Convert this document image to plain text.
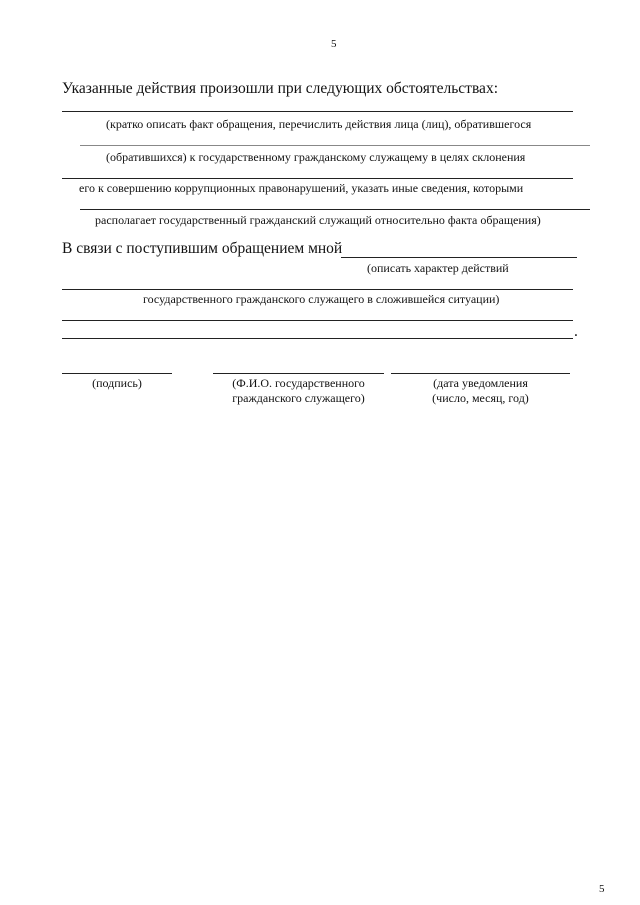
5
Указанные действия произошли при следующих обстоятельствах:
(кратко описать факт обращения, перечислить действия лица (лиц), обратившегося
(обратившихся) к государственному гражданскому служащему в целях склонения
его к совершению коррупционных правонарушений, указать иные сведения, которыми
располагает государственный гражданский служащий относительно факта обращения)
В связи с поступившим обращением мной
(описать характер действий
государственного гражданского служащего в сложившейся ситуации)
.
(подпись)	(Ф.И.О. государственного
гражданского служащего)
(дата уведомления
(число, месяц, год)
5
